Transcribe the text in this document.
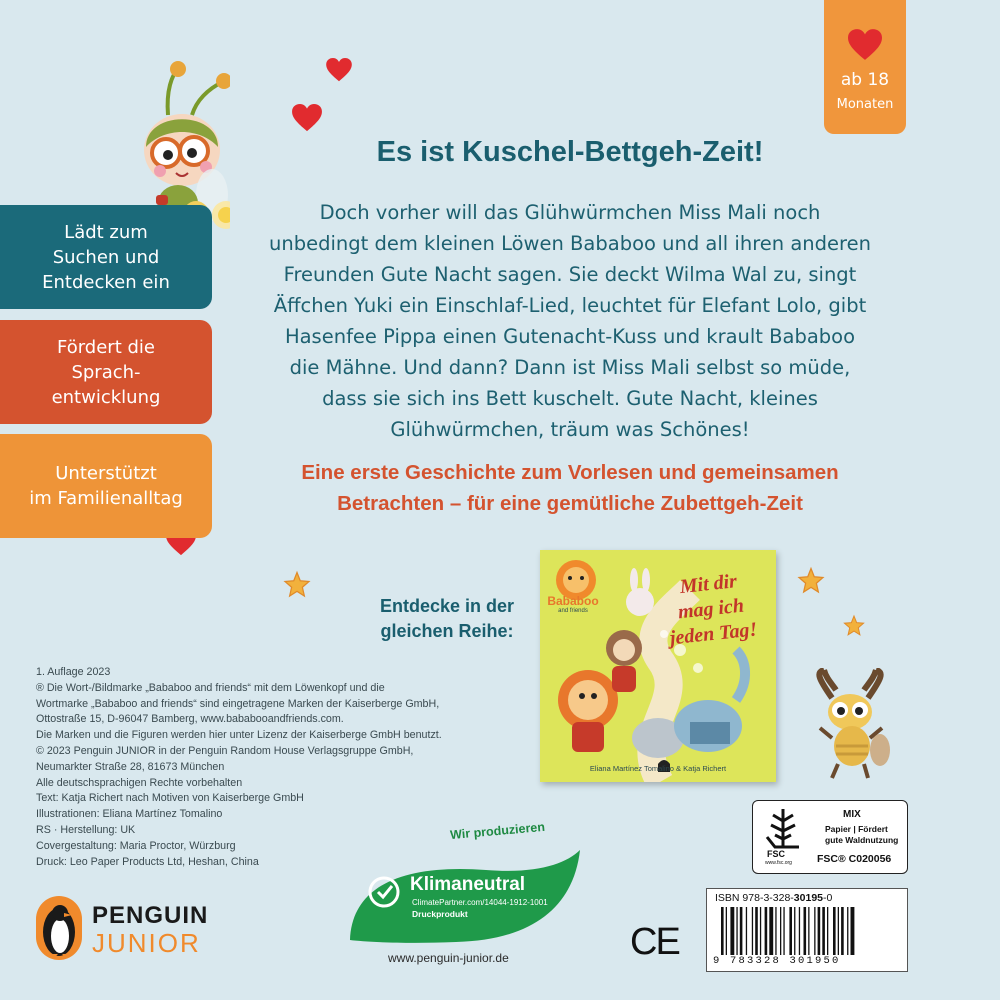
ab 18
Monaten
Lädt zum
Suchen und
Entdecken ein
Fördert die
Sprach-
entwicklung
Unterstützt
im Familienalltag
Es ist Kuschel-Bettgeh-Zeit!
Doch vorher will das Glühwürmchen Miss Mali noch
unbedingt dem kleinen Löwen Bababoo und all ihren anderen
Freunden Gute Nacht sagen. Sie deckt Wilma Wal zu, singt
Äffchen Yuki ein Einschlaf-Lied, leuchtet für Elefant Lolo, gibt
Hasenfee Pippa einen Gutenacht-Kuss und krault Bababoo
die Mähne. Und dann? Dann ist Miss Mali selbst so müde,
dass sie sich ins Bett kuschelt. Gute Nacht, kleines
Glühwürmchen, träum was Schönes!
Eine erste Geschichte zum Vorlesen und gemeinsamen
Betrachten – für eine gemütliche Zubettgeh-Zeit
Entdecke in der
gleichen Reihe:
Mit dir
mag ich
jeden Tag!
Bababoo
and friends
Eliana Martínez Tomalino & Katja Richert
1. Auflage 2023
® Die Wort-/Bildmarke „Bababoo and friends“ mit dem Löwenkopf und die
Wortmarke „Bababoo and friends“ sind eingetragene Marken der Kaiserberge GmbH,
Ottostraße 15, D-96047 Bamberg, www.bababooandfriends.com.
Die Marken und die Figuren werden hier unter Lizenz der Kaiserberge GmbH benutzt.
© 2023 Penguin JUNIOR in der Penguin Random House Verlagsgruppe GmbH,
Neumarkter Straße 28, 81673 München
Alle deutschsprachigen Rechte vorbehalten
Text: Katja Richert nach Motiven von Kaiserberge GmbH
Illustrationen: Eliana Martínez Tomalino
RS · Herstellung: UK
Covergestaltung: Maria Proctor, Würzburg
Druck: Leo Paper Products Ltd, Heshan, China
PENGUIN
JUNIOR
Wir produzieren
Klimaneutral
ClimatePartner.com/14044-1912-1001
Druckprodukt
www.penguin-junior.de	CE
FSC
www.fsc.org
MIX
Papier | Fördert
gute Waldnutzung
FSC® C020056
ISBN 978-3-328-30195-0
9 783328 301950
